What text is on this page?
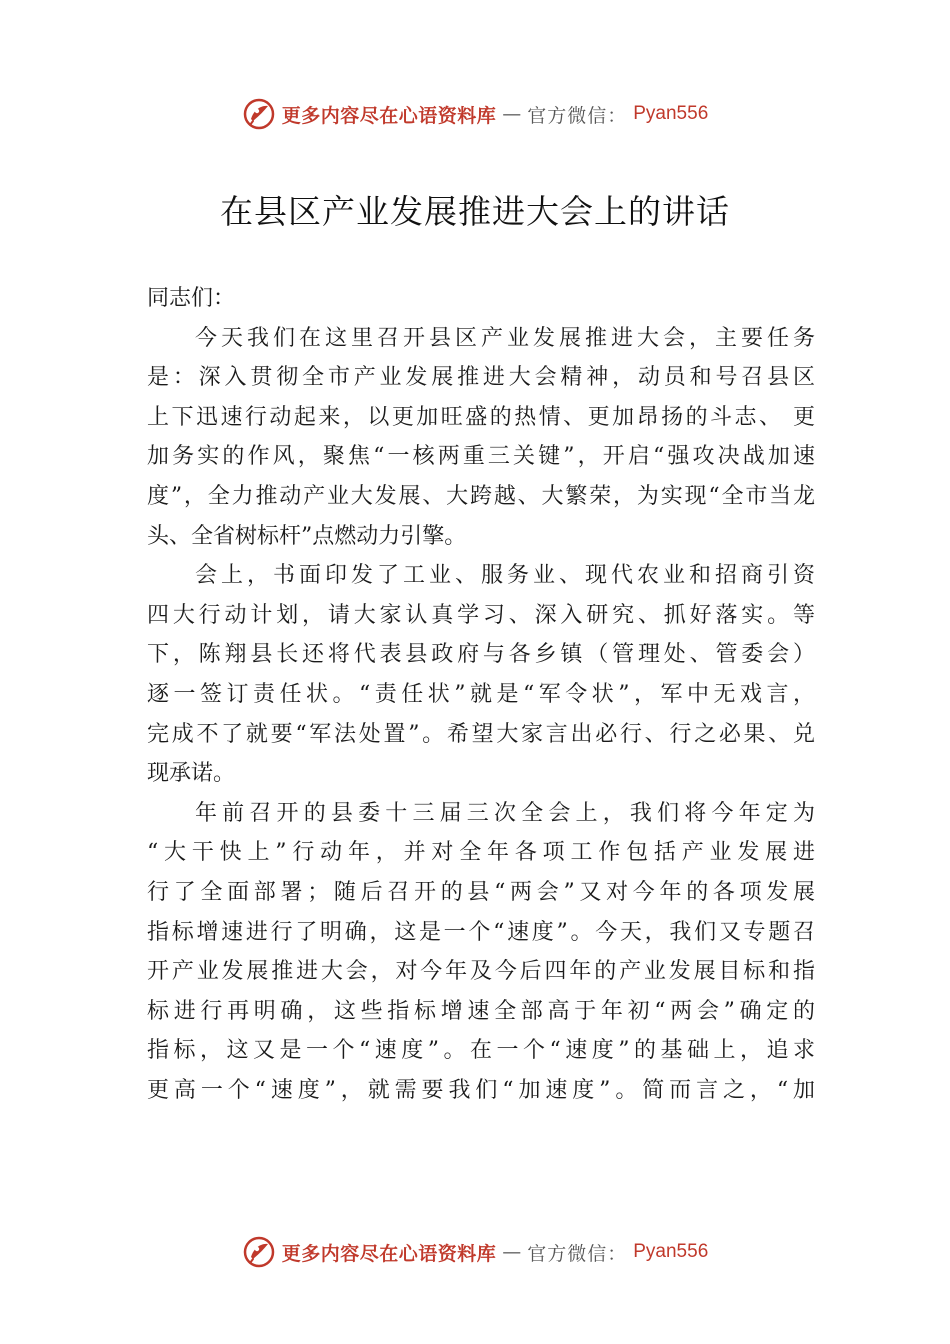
更多内容尽在心语资料库 — 官方微信： Pyan556
在县区产业发展推进大会上的讲话
同志们：
今天我们在这里召开县区产业发展推进大会，主要任务
是：深入贯彻全市产业发展推进大会精神，动员和号召县区
上下迅速行动起来，以更加旺盛的热情、更加昂扬的斗志、 更
加务实的作风，聚焦“一核两重三关键”，开启“强攻决战加速
度”，全力推动产业大发展、大跨越、大繁荣，为实现“全市当龙
头、全省树标杆”点燃动力引擎。
会上，书面印发了工业、服务业、现代农业和招商引资
四大行动计划，请大家认真学习、深入研究、抓好落实。等
下，陈翔县长还将代表县政府与各乡镇（管理处、管委会）
逐一签订责任状。“责任状”就是“军令状”，军中无戏言，
完成不了就要“军法处置”。希望大家言出必行、行之必果、兑
现承诺。
年前召开的县委十三届三次全会上，我们将今年定为
“大干快上”行动年，并对全年各项工作包括产业发展进
行了全面部署；随后召开的县“两会”又对今年的各项发展
指标增速进行了明确，这是一个“速度”。今天，我们又专题召
开产业发展推进大会，对今年及今后四年的产业发展目标和指
标进行再明确，这些指标增速全部高于年初“两会”确定的
指标，这又是一个“速度”。在一个“速度”的基础上，追求
更高一个“速度”，就需要我们“加速度”。简而言之，“加
更多内容尽在心语资料库 — 官方微信： Pyan556
